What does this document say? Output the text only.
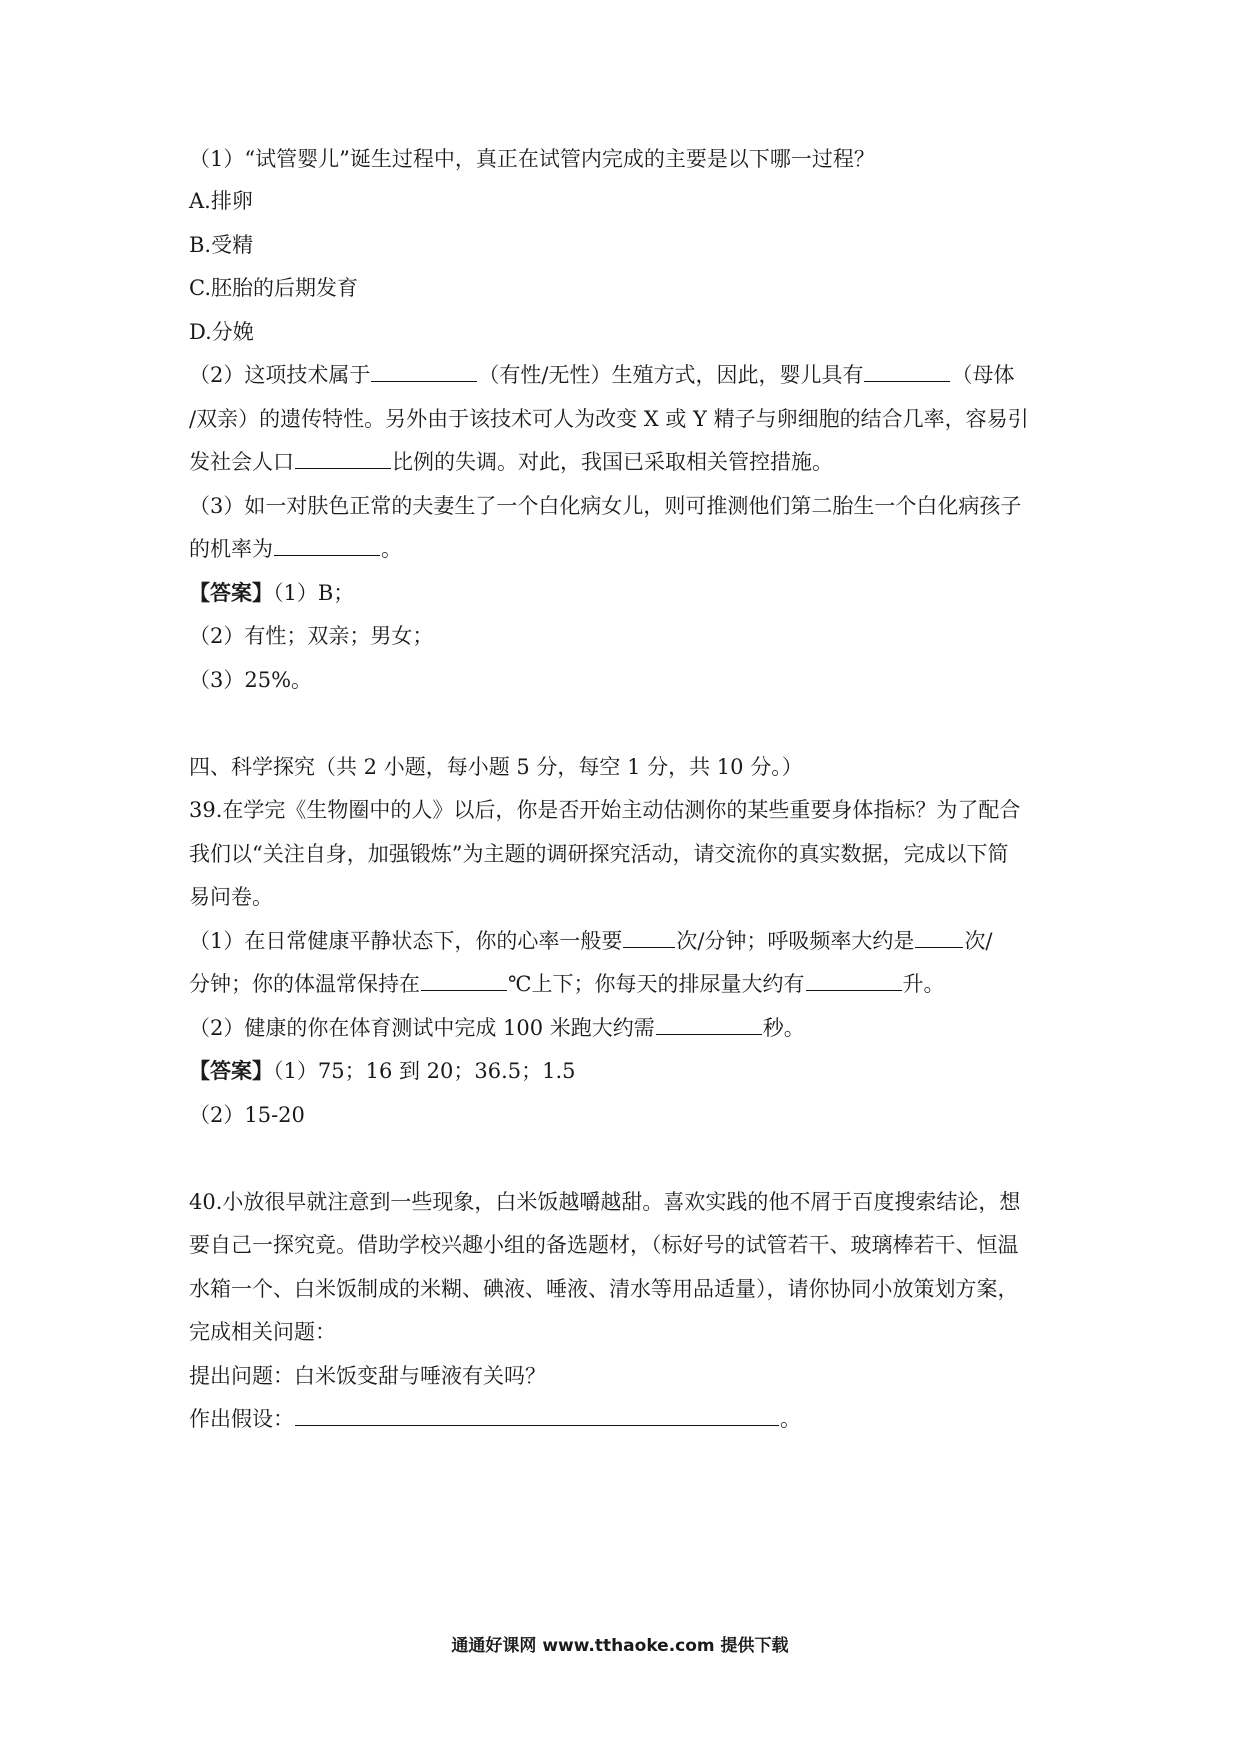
（1）“试管婴儿”诞生过程中，真正在试管内完成的主要是以下哪一过程？
A.排卵
B.受精
C.胚胎的后期发育
D.分娩
（2）这项技术属于	（有性/无性）生殖方式，因此，婴儿具有	（母体
/双亲）的遗传特性。另外由于该技术可人为改变 X 或 Y 精子与卵细胞的结合几率，容易引
发社会人口	比例的失调。对此，我国已采取相关管控措施。
（3）如一对肤色正常的夫妻生了一个白化病女儿，则可推测他们第二胎生一个白化病孩子
的机率为	。
【答案】（1）B；
（2）有性；双亲；男女；
（3）25%。
四、科学探究（共 2 小题，每小题 5 分，每空 1 分，共 10 分。）
39.在学完《生物圈中的人》以后，你是否开始主动估测你的某些重要身体指标？为了配合
我们以“关注自身，加强锻炼”为主题的调研探究活动，请交流你的真实数据，完成以下简
易问卷。
（1）在日常健康平静状态下，你的心率一般要	次/分钟；呼吸频率大约是 次/
分钟；你的体温常保持在	℃上下；你每天的排尿量大约有	升。
（2）健康的你在体育测试中完成 100 米跑大约需	秒。
【答案】（1）75；16 到 20；36.5；1.5
（2）15-20
40.小放很早就注意到一些现象，白米饭越嚼越甜。喜欢实践的他不屑于百度搜索结论，想
要自己一探究竟。借助学校兴趣小组的备选题材，（标好号的试管若干、玻璃棒若干、恒温
水箱一个、白米饭制成的米糊、碘液、唾液、清水等用品适量），请你协同小放策划方案，
完成相关问题：
提出问题：白米饭变甜与唾液有关吗？
作出假设：	。
通通好课网 www.tthaoke.com 提供下载
